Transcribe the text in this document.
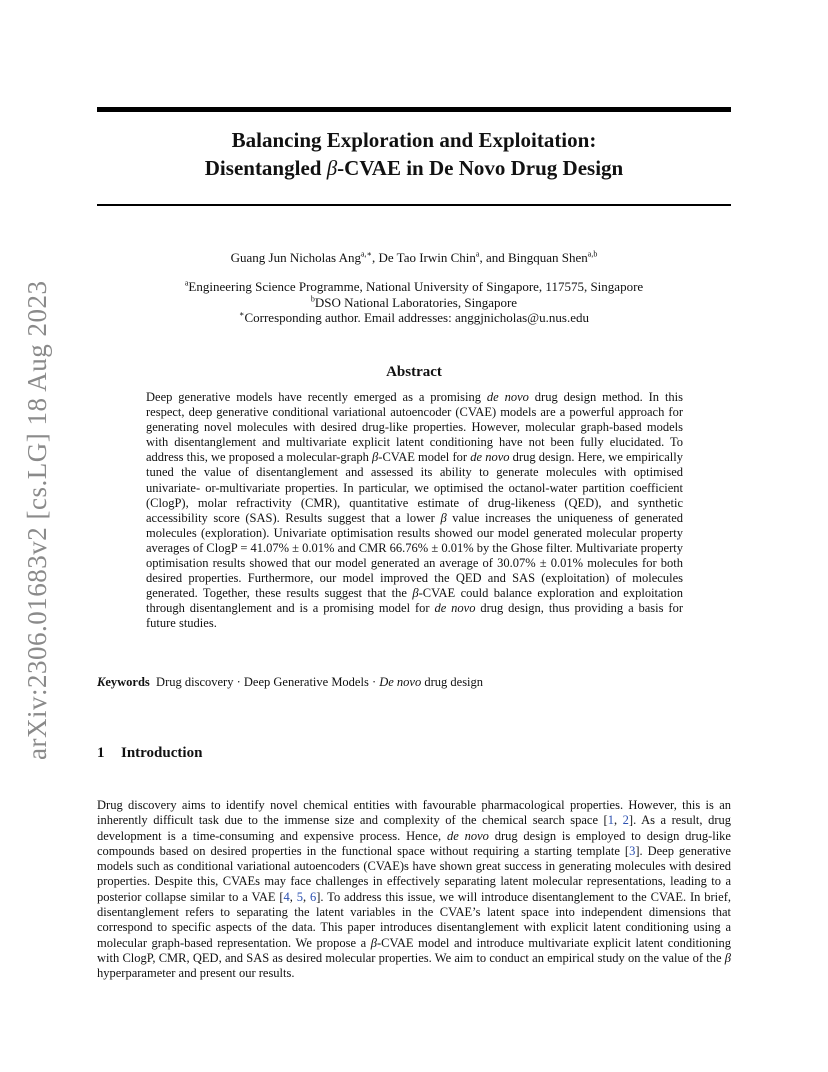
arXiv:2306.01683v2 [cs.LG] 18 Aug 2023
Balancing Exploration and Exploitation:
Disentangled β-CVAE in De Novo Drug Design
Guang Jun Nicholas Ang$^{a,∗}$, De Tao Irwin Chin$^a$, and Bingquan Shen$^{a,b}$
$^a$Engineering Science Programme, National University of Singapore, 117575, Singapore
$^b$DSO National Laboratories, Singapore
∗Corresponding author. Email addresses: anggjnicholas@u.nus.edu
Abstract
Deep generative models have recently emerged as a promising de novo drug design method. In this respect, deep generative conditional variational autoencoder (CVAE) models are a powerful approach for generating novel molecules with desired drug-like properties. However, molecular graph-based models with disentanglement and multivariate explicit latent conditioning have not been fully elucidated. To address this, we proposed a molecular-graph β-CVAE model for de novo drug design. Here, we empirically tuned the value of disentanglement and assessed its ability to generate molecules with optimised univariate- or-multivariate properties. In particular, we optimised the octanol-water partition coefficient (ClogP), molar refractivity (CMR), quantitative estimate of drug-likeness (QED), and synthetic accessibility score (SAS). Results suggest that a lower β value increases the uniqueness of generated molecules (exploration). Univariate optimisation results showed our model generated molecular property averages of ClogP = 41.07% ± 0.01% and CMR 66.76% ± 0.01% by the Ghose filter. Multivariate property optimisation results showed that our model generated an average of 30.07% ± 0.01% molecules for both desired properties. Furthermore, our model improved the QED and SAS (exploitation) of molecules generated. Together, these results suggest that the β-CVAE could balance exploration and exploitation through disentanglement and is a promising model for de novo drug design, thus providing a basis for future studies.
Keywords Drug discovery · Deep Generative Models · De novo drug design
1 Introduction
Drug discovery aims to identify novel chemical entities with favourable pharmacological properties. However, this is an inherently difficult task due to the immense size and complexity of the chemical search space [1, 2]. As a result, drug development is a time-consuming and expensive process. Hence, de novo drug design is employed to design drug-like compounds based on desired properties in the functional space without requiring a starting template [3]. Deep generative models such as conditional variational autoencoders (CVAE)s have shown great success in generating molecules with desired properties. Despite this, CVAEs may face challenges in effectively separating latent molecular representations, leading to a posterior collapse similar to a VAE [4, 5, 6]. To address this issue, we will introduce disentanglement to the CVAE. In brief, disentanglement refers to separating the latent variables in the CVAE’s latent space into independent dimensions that correspond to specific aspects of the data. This paper introduces disentanglement with explicit latent conditioning using a molecular graph-based representation. We propose a β-CVAE model and introduce multivariate explicit latent conditioning with ClogP, CMR, QED, and SAS as desired molecular properties. We aim to conduct an empirical study on the value of the β hyperparameter and present our results.
